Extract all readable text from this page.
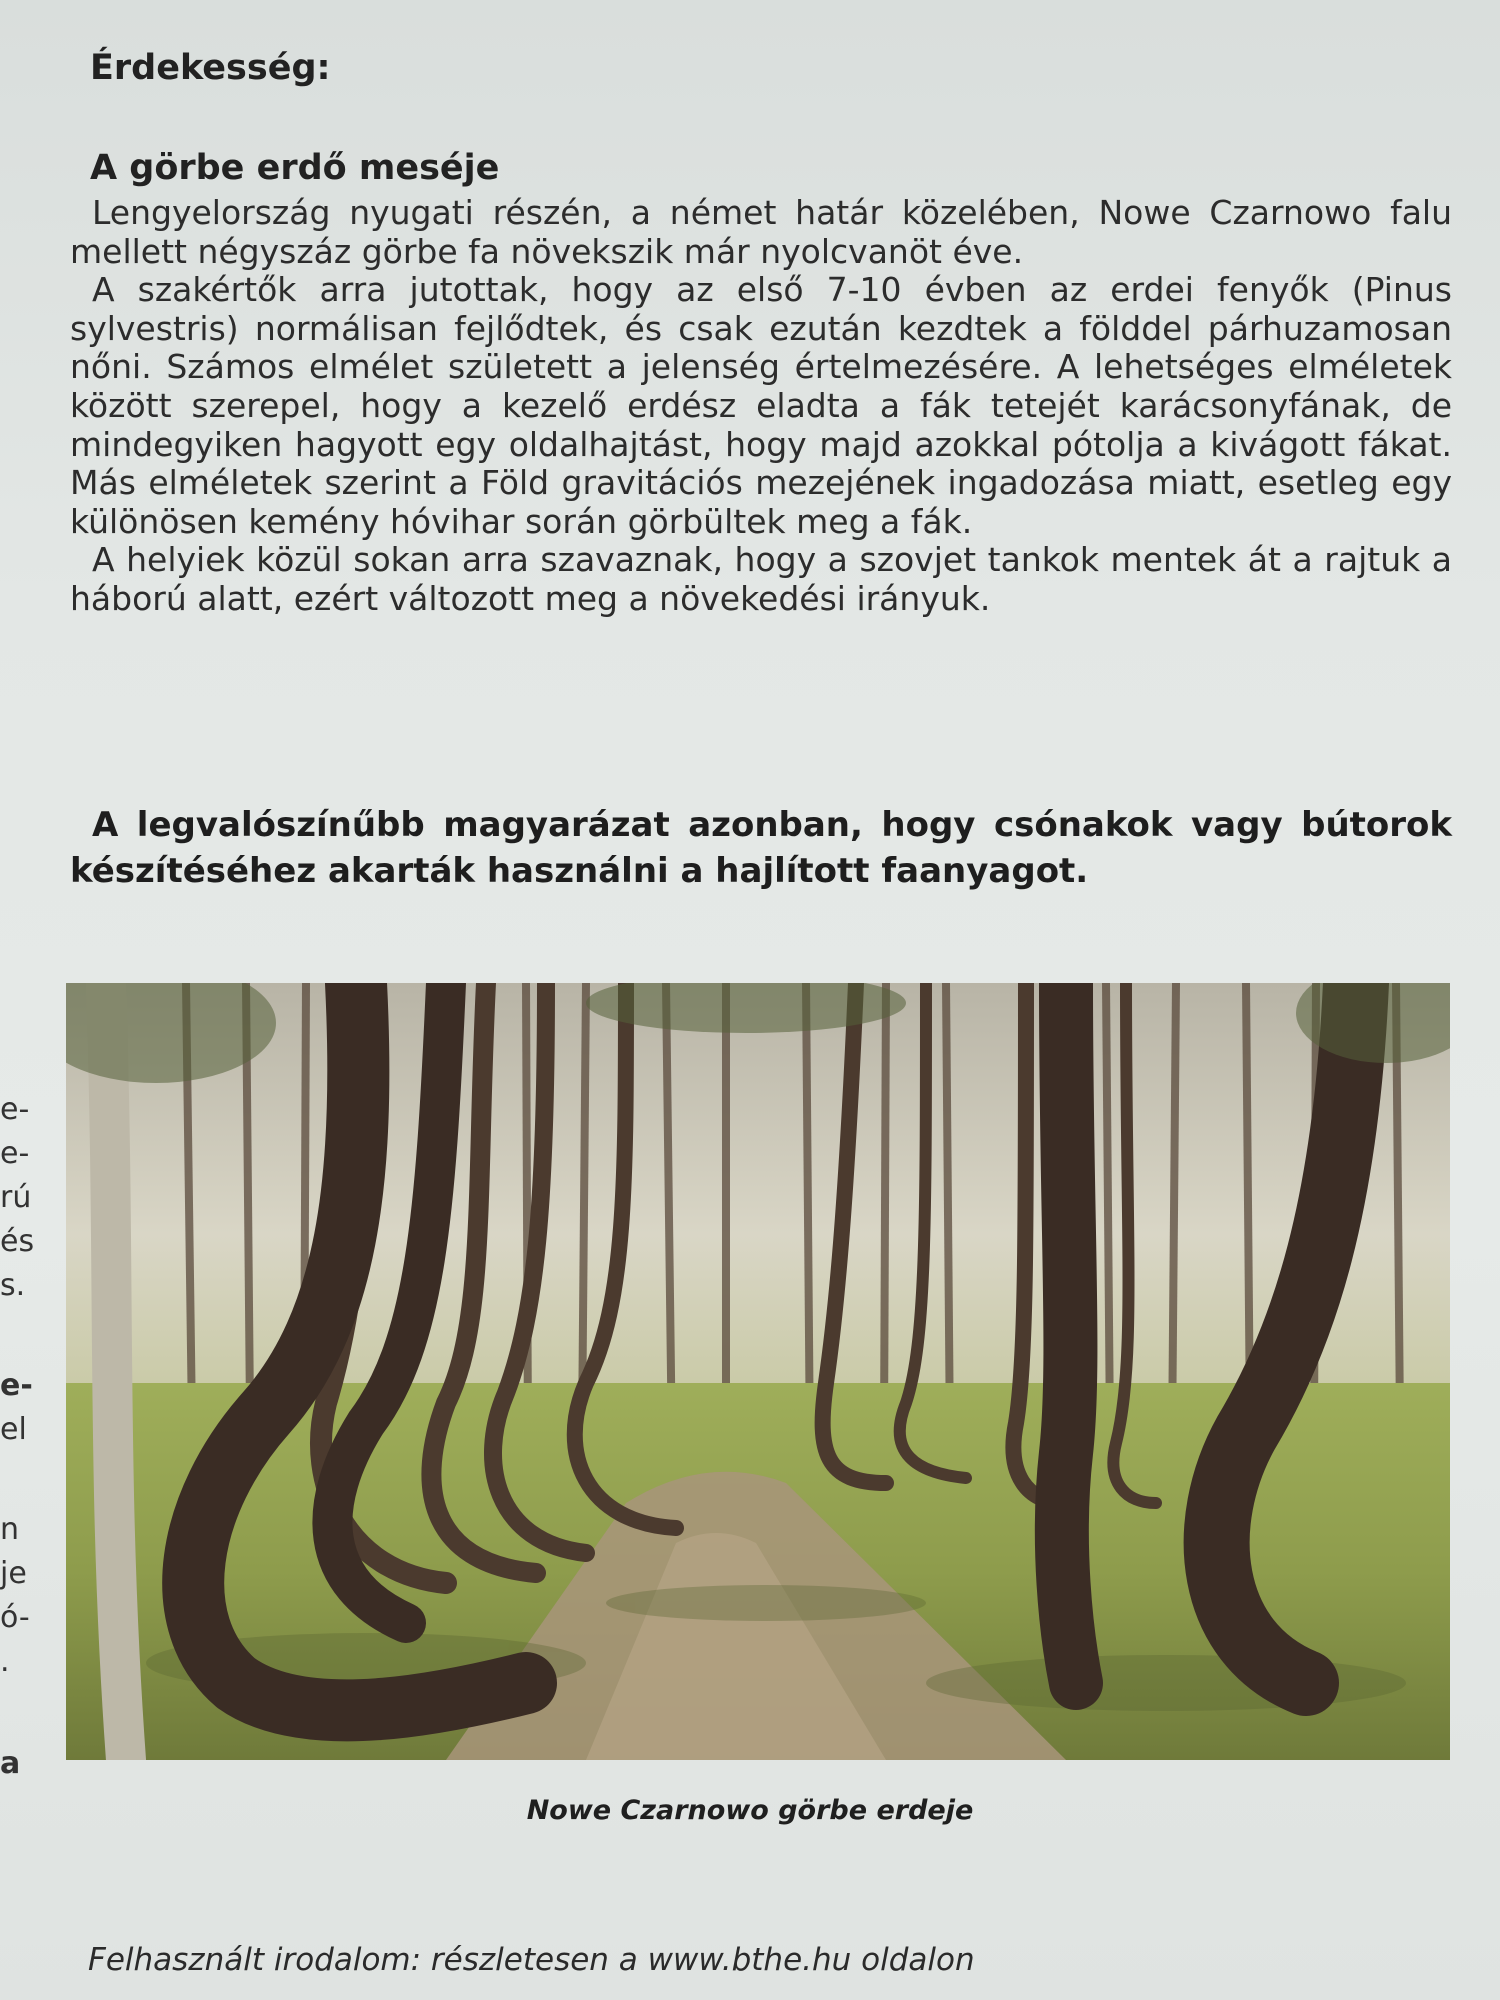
Érdekesség:
A görbe erdő meséje

Lengyelország nyugati részén, a német határ közelében, Nowe Czarnowo falu mellett négyszáz görbe fa növekszik már nyolcvanöt éve.

A szakértők arra jutottak, hogy az első 7-10 évben az erdei fenyők (Pinus sylvestris) normálisan fejlődtek, és csak ezután kezdtek a földdel párhuzamosan nőni. Számos elmélet született a jelenség értelmezésére. A lehetséges elméletek között szerepel, hogy a kezelő erdész eladta a fák tetejét karácsonyfának, de mindegyiken hagyott egy oldalhajtást, hogy majd azokkal pótolja a kivágott fákat. Más elméletek szerint a Föld gravitációs mezejének ingadozása miatt, esetleg egy különösen kemény hóvihar során görbültek meg a fák.

A helyiek közül sokan arra szavaznak, hogy a szovjet tankok mentek át a rajtuk a háború alatt, ezért változott meg a növekedési irányuk.

A legvalószínűbb magyarázat azonban, hogy csónakok vagy bútorok készítéséhez akarták használni a hajlított faanyagot.

e-
e-
rú
és
s.
e-
el
n
je
ó-
.
a
Nowe Czarnowo görbe erdeje
Felhasznált irodalom: részletesen a www.bthe.hu oldalon
